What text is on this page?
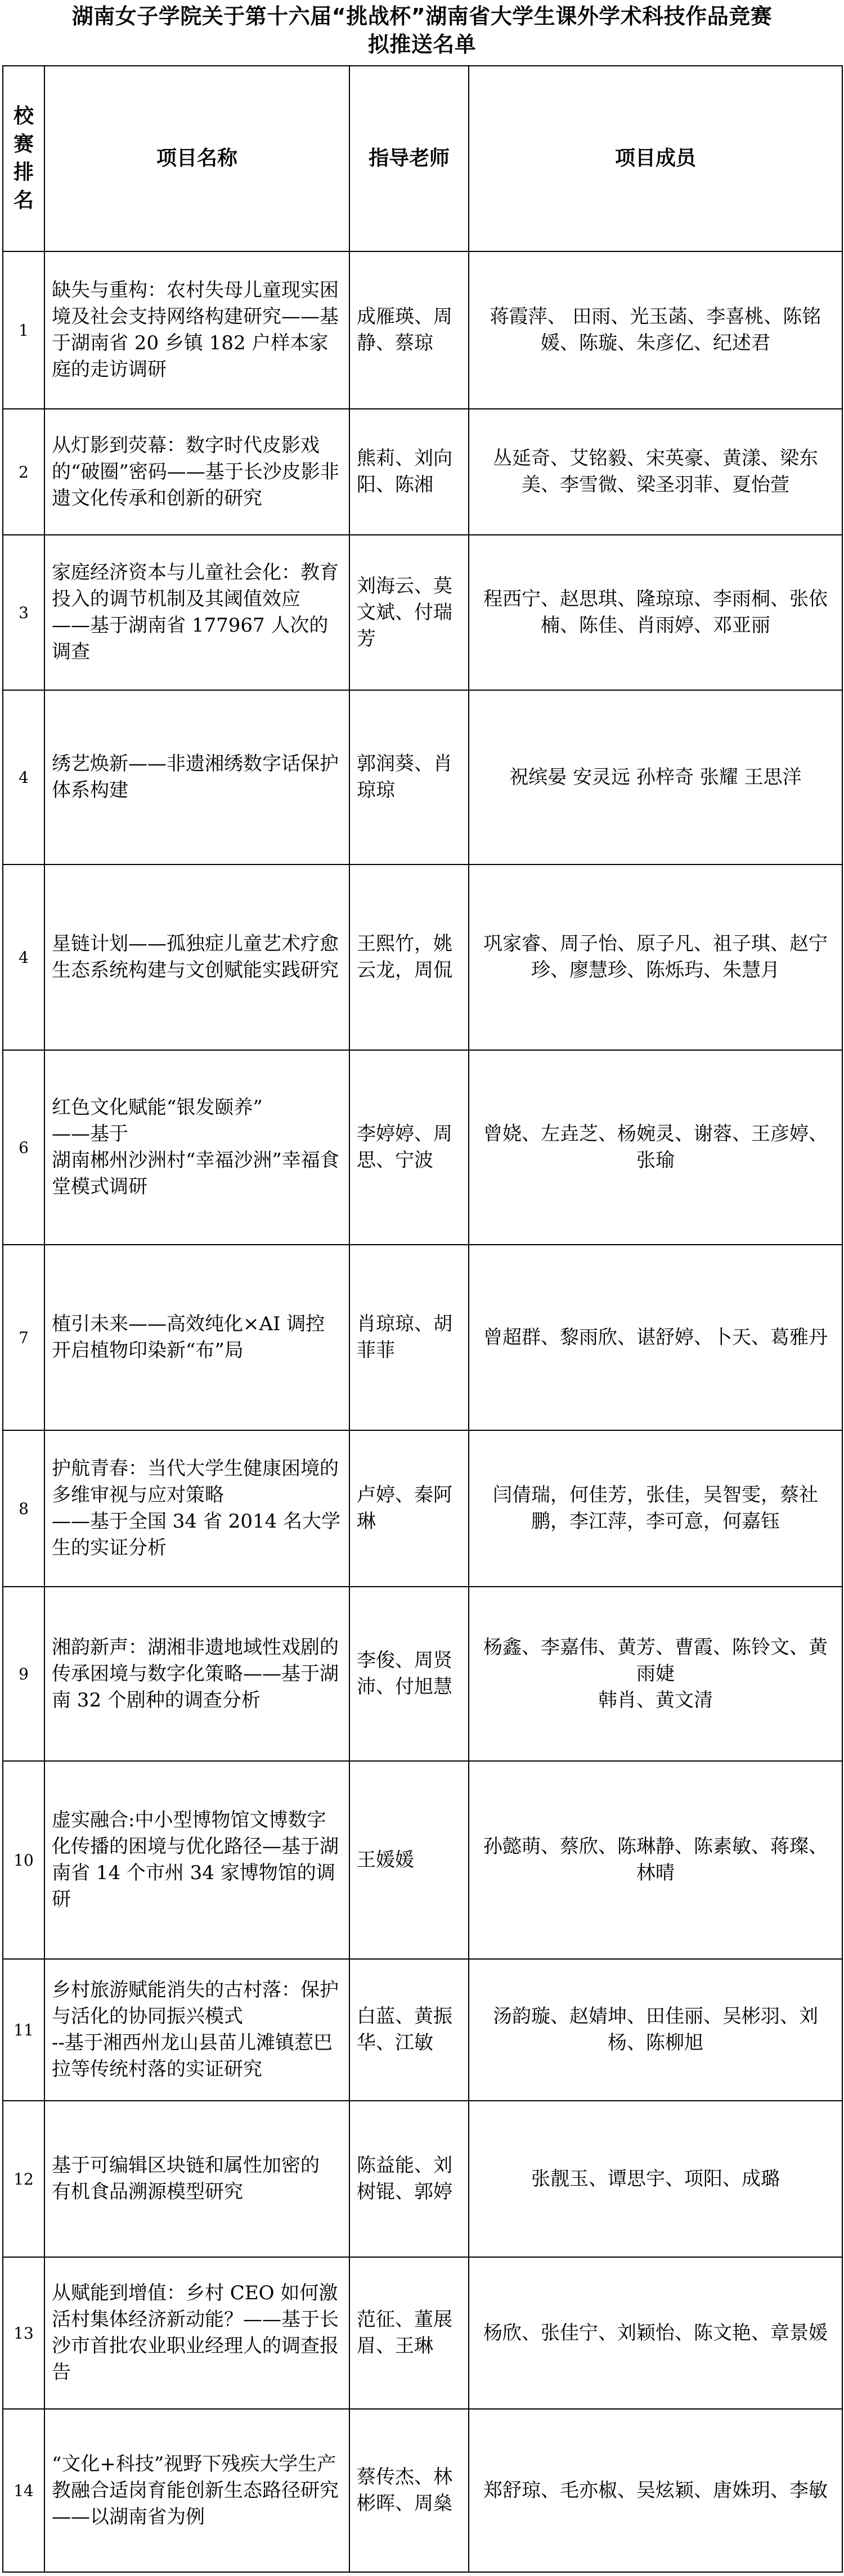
湖南女子学院关于第十六届“挑战杯”湖南省大学生课外学术科技作品竞赛
拟推送名单
校
赛
排
名	项目名称	指导老师	项目成员
1	缺失与重构：农村失母儿童现实困境及社会支持网络构建研究——基于湖南省 20 乡镇 182 户样本家庭的走访调研	成雁瑛、周静、蔡琼	蒋霞萍、 田雨、光玉菡、李喜桃、陈铭媛、陈璇、朱彦亿、纪述君
2	从灯影到荧幕：数字时代皮影戏的“破圈”密码——基于长沙皮影非遗文化传承和创新的研究	熊莉、刘向阳、陈湘	丛延奇、艾铭毅、宋英豪、黄漾、梁东美、李雪微、梁圣羽菲、夏怡萱
3	家庭经济资本与儿童社会化：教育投入的调节机制及其阈值效应
——基于湖南省 177967 人次的调查	刘海云、莫文斌、付瑞芳	程西宁、赵思琪、隆琼琼、李雨桐、张依楠、陈佳、肖雨婷、邓亚丽
4	绣艺焕新——非遗湘绣数字话保护体系构建	郭润葵、肖琼琼	祝缤晏 安灵远 孙梓奇 张耀 王思洋
4	星链计划——孤独症儿童艺术疗愈生态系统构建与文创赋能实践研究	王熙竹，姚云龙，周侃	巩家睿、周子怡、原子凡、祖子琪、赵宁珍、廖慧珍、陈烁玙、朱慧月
6	红色文化赋能“银发颐养”
——基于
湖南郴州沙洲村“幸福沙洲”幸福食堂模式调研	李婷婷、周思、宁波	曾娆、左垚芝、杨婉灵、谢蓉、王彦婷、张瑜
7	植引未来——高效纯化×AI 调控开启植物印染新“布”局	肖琼琼、胡菲菲	曾超群、黎雨欣、谌舒婷、卜天、葛雅丹
8	护航青春：当代大学生健康困境的多维审视与应对策略
——基于全国 34 省 2014 名大学生的实证分析	卢婷、秦阿琳	闫倩瑞，何佳芳，张佳，吴智雯，蔡社鹏，李江萍，李可意，何嘉钰
9	湘韵新声：湖湘非遗地域性戏剧的传承困境与数字化策略——基于湖南 32 个剧种的调查分析	李俊、周贤沛、付旭慧	杨鑫、李嘉伟、黄芳、曹霞、陈铃文、黄雨婕
韩肖、黄文清
10	虚实融合:中小型博物馆文博数字化传播的困境与优化路径—基于湖南省 14 个市州 34 家博物馆的调研	王媛媛	孙懿萌、蔡欣、陈琳静、陈素敏、蒋璨、林晴
11	乡村旅游赋能消失的古村落：保护与活化的协同振兴模式
--基于湘西州龙山县苗儿滩镇惹巴拉等传统村落的实证研究	白蓝、黄振华、江敏	汤韵璇、赵婧坤、田佳丽、吴彬羽、刘杨、陈柳旭
12	基于可编辑区块链和属性加密的
有机食品溯源模型研究	陈益能、刘树锟、郭婷	张靓玉、谭思宇、项阳、成璐
13	从赋能到增值：乡村 CEO 如何激活村集体经济新动能？——基于长沙市首批农业职业经理人的调查报告	范征、董展眉、王琳	杨欣、张佳宁、刘颖怡、陈文艳、章景媛
14	“文化+科技”视野下残疾大学生产教融合适岗育能创新生态路径研究——以湖南省为例	蔡传杰、林彬晖、周燊	郑舒琼、毛亦椒、吴炫颖、唐姝玥、李敏
